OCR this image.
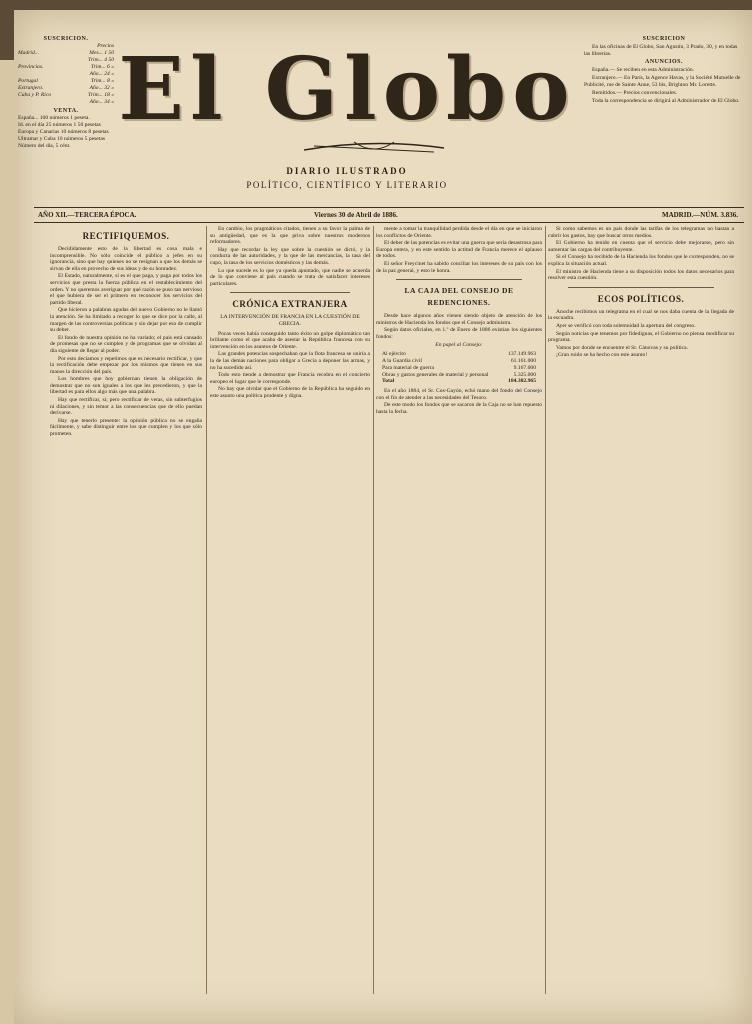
SUSCRICION.
Precios
Madrid...	Mes... 1 50
Trim... 4 50
Provincias.	Trim... 6 »
Año... 24 »
Portugal	Trim... 8 »
Extranjero.	Año... 32 »
Cuba y P. Rico	Trim... 18 »
Año... 34 »
VENTA.
España... 100 números 1 peseta.
Id. en el día 25 números 1 50 pesetas
Europa y Canarias 10 números 8 pesetas
Ultramar y Cuba 10 números 5 pesetas
Número del día, 5 cént.
El Globo
DIARIO ILUSTRADO
POLÍTICO, CIENTÍFICO Y LITERARIO
SUSCRICION
En las oficinas de El Globo, San Agustín, 3 Prado, 30, y en todas las librerías.
ANUNCIOS.
España.— Se reciben en esta Administración.
Extranjero.— En París, la Agence Havas, y la Société Mutuelle de Publicité, rue de Sainte Anne, 53 bis, Brighton Mr. Lorette.
Remitidos.— Precios convencionales.
Toda la correspondencia se dirigirá al Administrador de El Globo.
AÑO XII.—TERCERA ÉPOCA.	Viernes 30 de Abril de 1886.	MADRID.—NÚM. 3.836.
RECTIFIQUEMOS.

Decididamente esto de la libertad es cosa mala e incomprensible. No sólo coincide el público a jefes en su ignorancia, sino que hay quienes no se resignan a que los demás se sirvan de ella en provecho de sus ideas y de su honradez.

El Estado, naturalmente, sí es el que paga, y paga por todos los servicios que presta la fuerza pública en el restablecimiento del orden. Y no queremos averiguar por qué razón se puso tan nervioso el que hubiera de ser el primero en reconocer los servicios del partido liberal.

Que hicieron a palabras agudas del nuevo Gobierno no le llamó la atención. Se ha limitado a recoger lo que se dice por la calle, al margen de las controversias políticas y sin dejar por eso de cumplir su deber.

El fondo de nuestra opinión no ha variado; el país está cansado de promesas que no se cumplen y de programas que se olvidan al día siguiente de llegar al poder.

Por esto decíamos y repetimos que es necesario rectificar, y que la rectificación debe empezar por los mismos que tienen en sus manos la dirección del país.

Los hombres que hoy gobiernan tienen la obligación de demostrar que no son iguales a los que les precedieron, y que la libertad es para ellos algo más que una palabra.

Hay que rectificar, sí; pero rectificar de veras, sin subterfugios ni dilaciones, y sin temor a las consecuencias que de ello puedan derivarse.

Hay que tenerlo presente: la opinión pública no se engaña fácilmente, y sabe distinguir entre los que cumplen y los que sólo prometen.

En cambio, los pragmáticos citados, tienen a su favor la palma de su antigüedad, que es la que priva sobre nuestros modernos reformadores.

Hay que recordar la ley que sobre la cuestión se dictó, y la conducta de las autoridades, y la que de las mercancías, la tasa del cupo, la tasa de los servicios domésticos y las demás.

Lo que sucede es lo que ya queda apuntado, que nadie se acuerda de lo que conviene al país cuando se trata de satisfacer intereses particulares.

CRÓNICA EXTRANJERA
LA INTERVENCIÓN DE FRANCIA EN LA CUESTIÓN DE GRECIA.

Pocas veces había conseguido tanto éxito un golpe diplomático tan brillante como el que acaba de asestar la República francesa con su intervención en los asuntos de Oriente.

Las grandes potencias sospechaban que la flota francesa se uniría a la de las demás naciones para obligar a Grecia a deponer las armas, y no ha sucedido así.

Todo esto tiende a demostrar que Francia recobra en el concierto europeo el lugar que le corresponde.

No hay que olvidar que el Gobierno de la República ha seguido en este asunto una política prudente y digna.

mente a tomar la tranquilidad perdida desde el día en que se iniciaron los conflictos de Oriente.

El deber de las potencias es evitar una guerra que sería desastrosa para Europa entera, y en este sentido la actitud de Francia merece el aplauso de todos.

El señor Freycinet ha sabido conciliar los intereses de su país con los de la paz general, y esto le honra.

LA CAJA DEL CONSEJO DE REDENCIONES.

Desde hace algunos años vienen siendo objeto de atención de los ministros de Hacienda los fondos que el Consejo administra.

Según datos oficiales, en 1.º de Enero de 1886 existían los siguientes fondos:

En papel al Consejo:
Al ejército	137.149.963
A la Guardia civil	61.161.000
Para material de guerra	9.167.000
Obras y gastos generales de material y personal	5.325.000
Total	184.302.965

En el año 1884, el Sr. Cos-Gayón, echó mano del fondo del Consejo con el fin de atender a las necesidades del Tesoro.

De este modo los fondos que se sacaron de la Caja no se han repuesto hasta la fecha.

Si como sabemos es un país donde las tarifas de los telegramas no bastan a cubrir los gastos, hay que buscar otros medios.

El Gobierno ha tenido en cuenta que el servicio debe mejorarse, pero sin aumentar las cargas del contribuyente.

Si el Consejo ha recibido de la Hacienda los fondos que le corresponden, no se explica la situación actual.

El ministro de Hacienda tiene a su disposición todos los datos necesarios para resolver esta cuestión.

ECOS POLÍTICOS.

Anoche recibimos un telegrama en el cual se nos daba cuenta de la llegada de la escuadra.

Ayer se verificó con toda solemnidad la apertura del congreso.

Según noticias que tenemos por fidedignas, el Gobierno no piensa modificar su programa.

Vamos por donde se encuentre el Sr. Cánovas y su política.

¡Gran ruido se ha hecho con este asunto!
